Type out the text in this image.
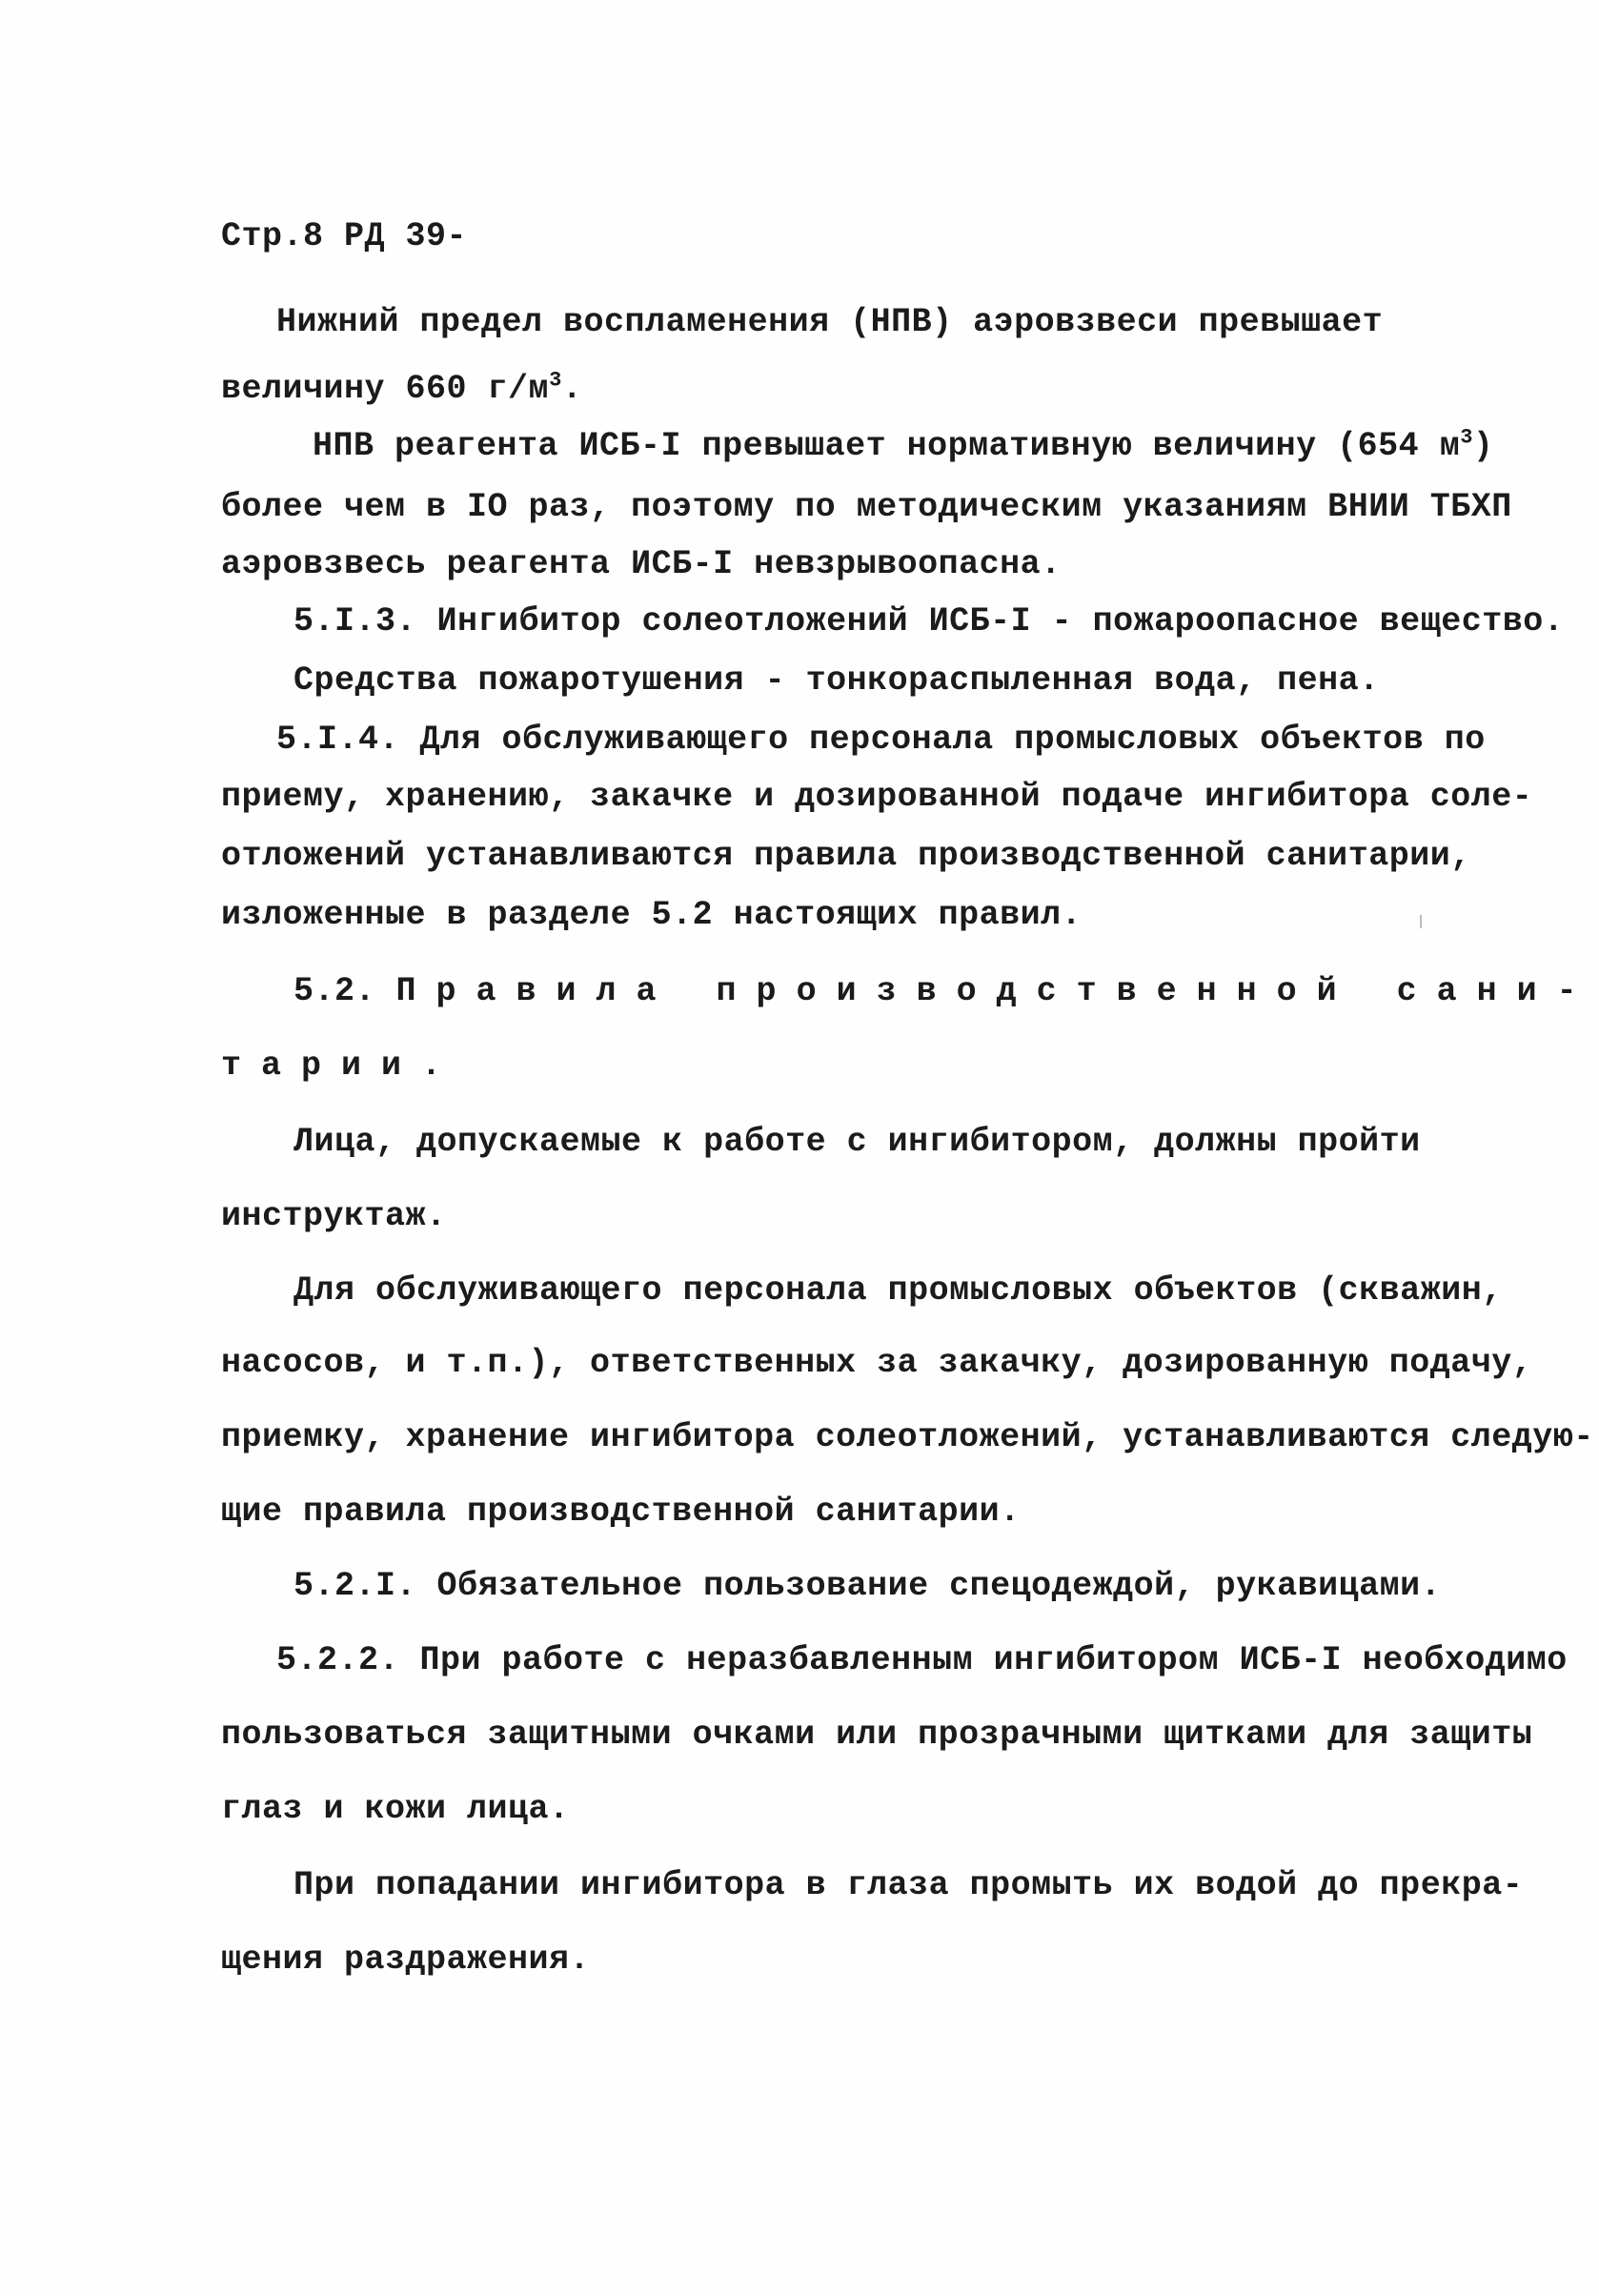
Стр.8 РД 39-
Нижний предел воспламенения (НПВ) аэровзвеси превышает
величину 660 $г/м^3$.
НПВ реагента ИСБ-I превышает нормативную величину (654 $м^3$)
более чем в IO раз, поэтому по методическим указаниям ВНИИ ТБХП
аэровзвесь реагента ИСБ-I невзрывоопасна.
5.I.3. Ингибитор солеотложений ИСБ-I - пожароопасное вещество.
Средства пожаротушения - тонкораспыленная вода, пена.
5.I.4. Для обслуживающего персонала промысловых объектов по
приему, хранению, закачке и дозированной подаче ингибитора соле-
отложений устанавливаются правила производственной санитарии,
изложенные в разделе 5.2 настоящих правил.
5.2. Правила производственной сани-
тарии.
Лица, допускаемые к работе с ингибитором, должны пройти
инструктаж.
Для обслуживающего персонала промысловых объектов (скважин,
насосов, и т.п.), ответственных за закачку, дозированную подачу,
приемку, хранение ингибитора солеотложений, устанавливаются следую-
щие правила производственной санитарии.
5.2.I. Обязательное пользование спецодеждой, рукавицами.
5.2.2. При работе с неразбавленным ингибитором ИСБ-I необходимо
пользоваться защитными очками или прозрачными щитками для защиты
глаз и кожи лица.
При попадании ингибитора в глаза промыть их водой до прекра-
щения раздражения.
